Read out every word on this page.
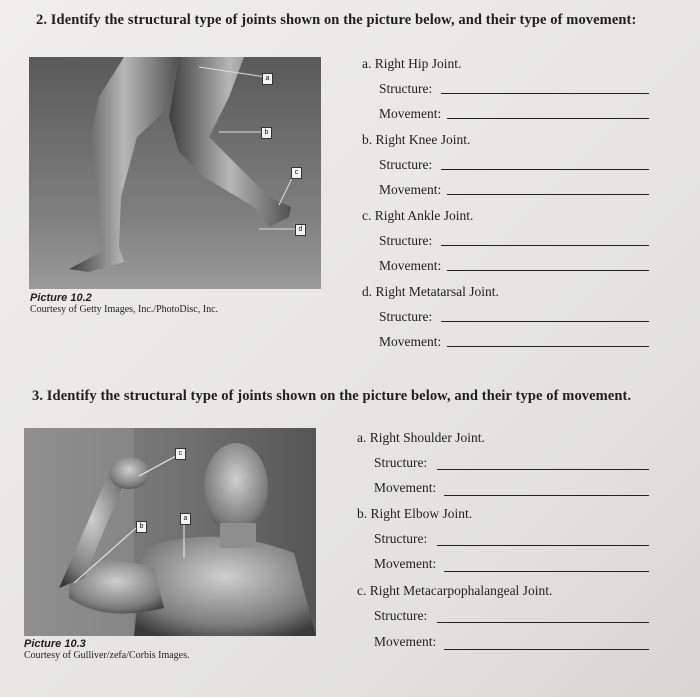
2. Identify the structural type of joints shown on the picture below, and their type of movement:
a
b
c
d
Picture 10.2
Courtesy of Getty Images, Inc./PhotoDisc, Inc.
a. Right Hip Joint.
Structure:
Movement:
b. Right Knee Joint.
Structure:
Movement:
c. Right Ankle Joint.
Structure:
Movement:
d. Right Metatarsal Joint.
Structure:
Movement:
3. Identify the structural type of joints shown on the picture below, and their type of movement.
c
b
a
Picture 10.3
Courtesy of Gulliver/zefa/Corbis Images.
a. Right Shoulder Joint.
Structure:
Movement:
b. Right Elbow Joint.
Structure:
Movement:
c. Right Metacarpophalangeal Joint.
Structure:
Movement:
